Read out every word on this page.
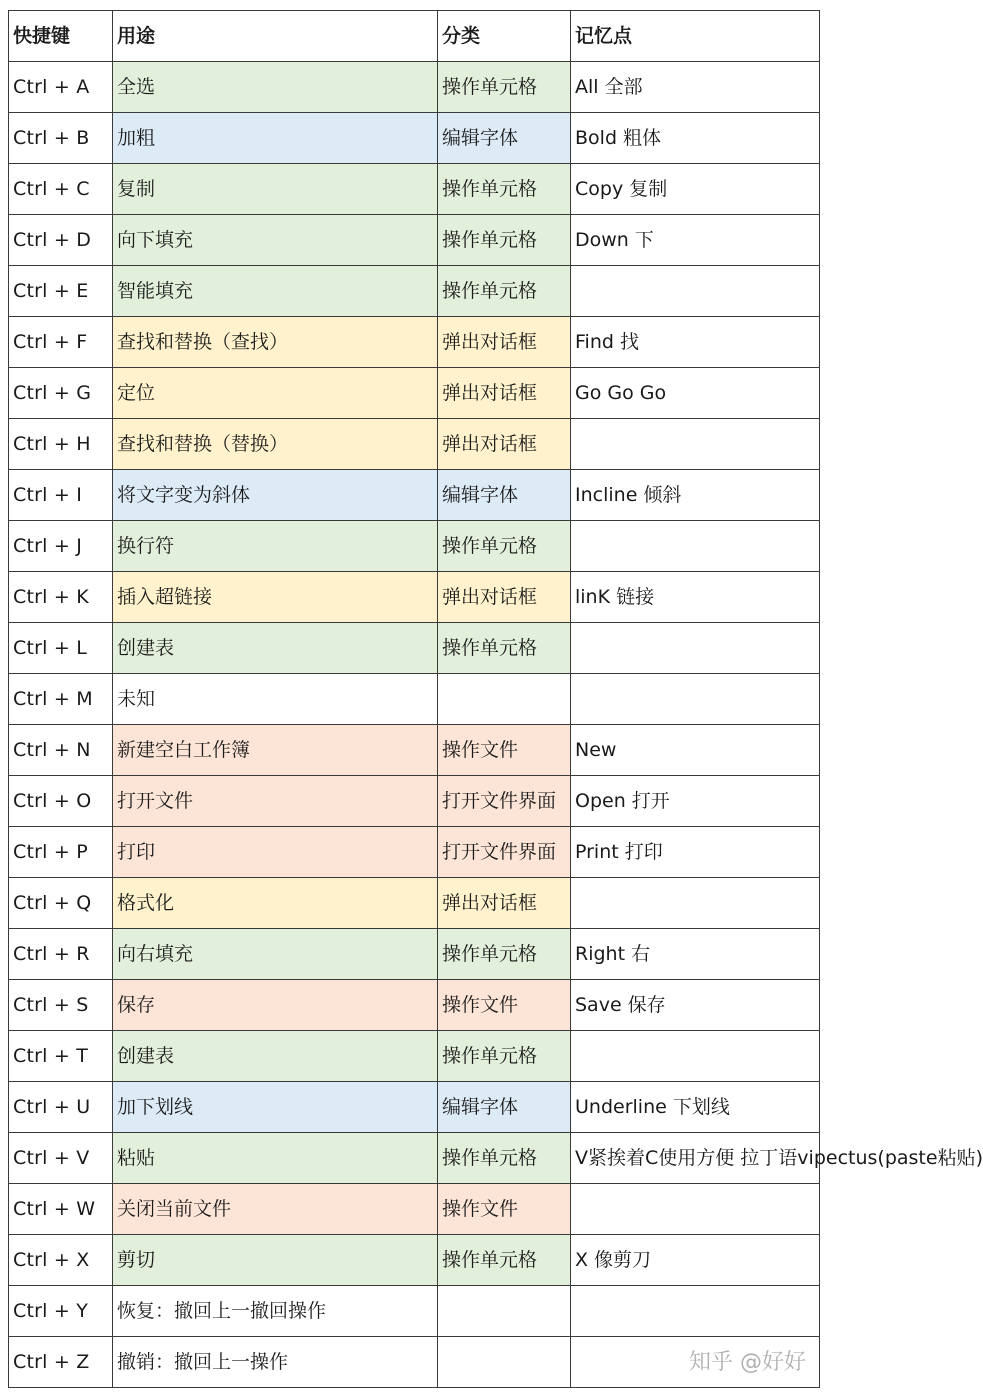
快捷键	用途	分类	记忆点
Ctrl + A	全选	操作单元格	All 全部
Ctrl + B	加粗	编辑字体	Bold 粗体
Ctrl + C	复制	操作单元格	Copy 复制
Ctrl + D	向下填充	操作单元格	Down 下
Ctrl + E	智能填充	操作单元格	
Ctrl + F	查找和替换（查找）	弹出对话框	Find 找
Ctrl + G	定位	弹出对话框	Go Go Go
Ctrl + H	查找和替换（替换）	弹出对话框	
Ctrl + I	将文字变为斜体	编辑字体	Incline 倾斜
Ctrl + J	换行符	操作单元格	
Ctrl + K	插入超链接	弹出对话框	linK 链接
Ctrl + L	创建表	操作单元格	
Ctrl + M	未知		
Ctrl + N	新建空白工作簿	操作文件	New
Ctrl + O	打开文件	打开文件界面	Open 打开
Ctrl + P	打印	打开文件界面	Print 打印
Ctrl + Q	格式化	弹出对话框	
Ctrl + R	向右填充	操作单元格	Right 右
Ctrl + S	保存	操作文件	Save 保存
Ctrl + T	创建表	操作单元格	
Ctrl + U	加下划线	编辑字体	Underline 下划线
Ctrl + V	粘贴	操作单元格	V紧挨着C使用方便 拉丁语vipectus(paste粘贴)
Ctrl + W	关闭当前文件	操作文件	
Ctrl + X	剪切	操作单元格	X 像剪刀
Ctrl + Y	恢复：撤回上一撤回操作		
Ctrl + Z	撤销：撤回上一操作			知乎 @好好
